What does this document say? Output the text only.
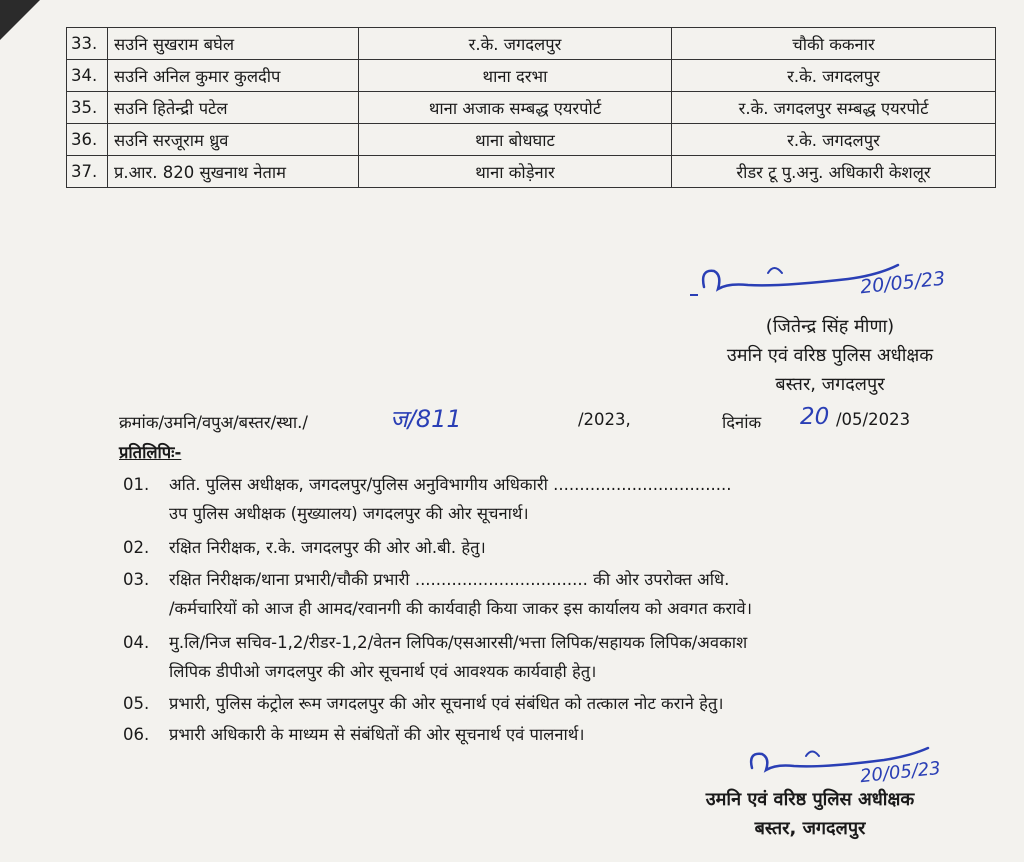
33.	सउनि सुखराम बघेल	र.के. जगदलपुर	चौकी ककनार
34.	सउनि अनिल कुमार कुलदीप	थाना दरभा	र.के. जगदलपुर
35.	सउनि हितेन्द्री पटेल	थाना अजाक सम्बद्ध एयरपोर्ट	र.के. जगदलपुर सम्बद्ध एयरपोर्ट
36.	सउनि सरजूराम ध्रुव	थाना बोधघाट	र.के. जगदलपुर
37.	प्र.आर. 820 सुखनाथ नेताम	थाना कोड़ेनार	रीडर टू पु.अनु. अधिकारी केशलूर
20/05/23
(जितेन्द्र सिंह मीणा)
उमनि एवं वरिष्ठ पुलिस अधीक्षक
बस्तर, जगदलपुर
क्रमांक/उमनि/वपुअ/बस्तर/स्था./	ज/811	/2023,	दिनांक 20 /05/2023
प्रतिलिपिः-
01. अति. पुलिस अधीक्षक, जगदलपुर/पुलिस अनुविभागीय अधिकारी ..................................
उप पुलिस अधीक्षक (मुख्यालय) जगदलपुर की ओर सूचनार्थ।
02. रक्षित निरीक्षक, र.के. जगदलपुर की ओर ओ.बी. हेतु।
03. रक्षित निरीक्षक/थाना प्रभारी/चौकी प्रभारी ................................. की ओर उपरोक्त अधि.
/कर्मचारियों को आज ही आमद/रवानगी की कार्यवाही किया जाकर इस कार्यालय को अवगत करावे।
04. मु.लि/निज सचिव-1,2/रीडर-1,2/वेतन लिपिक/एसआरसी/भत्ता लिपिक/सहायक लिपिक/अवकाश
लिपिक डीपीओ जगदलपुर की ओर सूचनार्थ एवं आवश्यक कार्यवाही हेतु।
05. प्रभारी, पुलिस कंट्रोल रूम जगदलपुर की ओर सूचनार्थ एवं संबंधित को तत्काल नोट कराने हेतु।
06. प्रभारी अधिकारी के माध्यम से संबंधितों की ओर सूचनार्थ एवं पालनार्थ।
20/05/23
उमनि एवं वरिष्ठ पुलिस अधीक्षक
बस्तर, जगदलपुर
